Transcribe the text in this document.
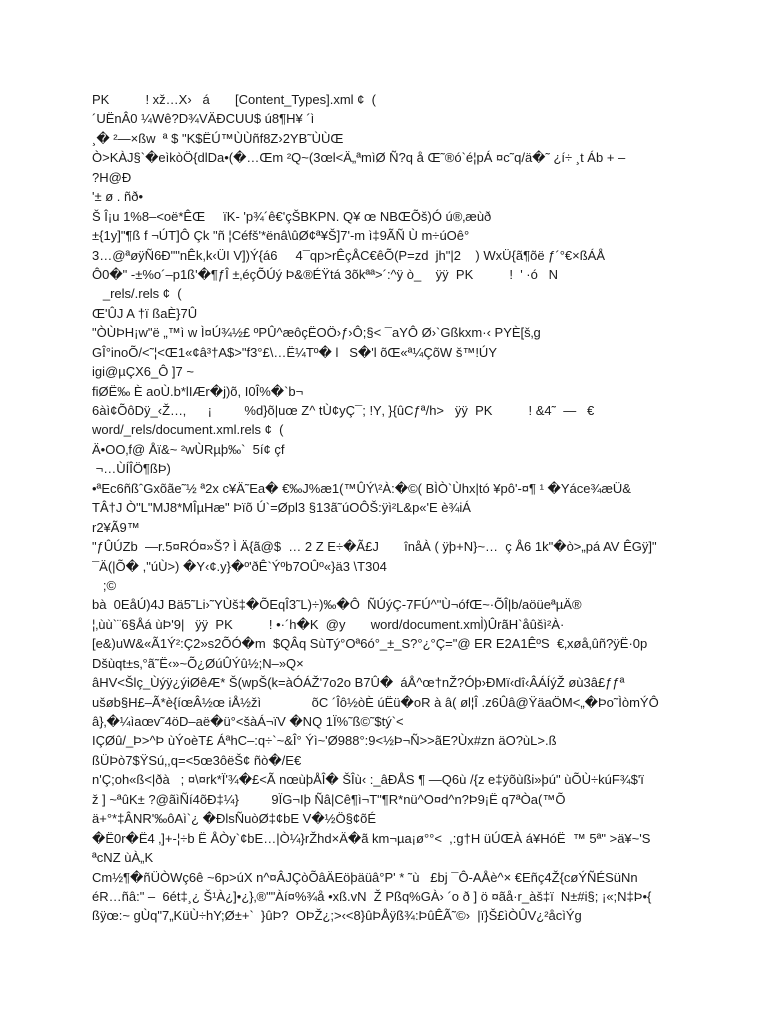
PK          ! xž…X›   á       [Content_Types].xml ¢  (
´UËnÂ0 ¼Wê?D¾VÄÐCUU$ ú8¶H¥ ´ì
¸� ²—×ßw  ª $ "K$ËÚ™ÙÙñf8Z›2YB˜ÙÙŒ
Ò>KÀJ§`�eìkòÖ{dlDa•(�…Œm ²Q~(3œl<Ä„ªmìØ Ñ?q å Œ˜®ó`é¦pÁ ¤c˜q/ä�˜ ¿í÷ ¸t Áb + –
?H@Ð
'± ø . ñð•
Š Î¡u 1%8–<oë*ÊŒ     ïK- 'p¾´ê€'çŠBKPN. Q¥ œ NBŒÕš)Ó ú®‚æùð
±{1y]"¶ß f ¬ÚT]Ô Çk "ñ ¦Céfš'*ënâ\ûØ¢ª¥Š]7'-m ì‡9ÃÑ Ù m÷úOê°
3…@ªøÿÑ6Ð""nÊk,k‹ÜI V])Ý{á6     4¯qp>rÊçÅC€êÕ(P=zd  jh"|2    ) WxÜ{ã¶õë ƒ´°€×ßÁÅ
Ô0�" -±%o´–p1ß'�¶ƒÎ ±‚éçÕÚý Þ&®ÉŸtá 3õkªª>´:^ÿ ò_    ÿÿ  PK          !  ' ·ó   N
_rels/.rels ¢  (
Œ'ÛJ A †ï ßaÈ}7Û
"ÒÙÞH¡w"ë „™ì w Ì¤Ú¾½£ ºPÛ^æôçËOÖ›ƒ›Ô;§< ¯aYÔ Ø›`Gßkxm·‹ PYÈ[š‚g
GÎ°inoÕ/<˜¦<Œ1«¢â³†A$>"f3°£\…Ë¼Tº� l   S�'l õŒ«ª¼ÇõW š™!ÚY
igi@µÇX6_Ô ]7 ~
fiØË‰ È aoÙ.b*lIÆr�j)õ, I0Î%�`b¬
6àì¢ÕôDÿ_‹Ž…‚      ¡         %d}õ|uœ Z^ tÙ¢yÇ¯; !Y‚ }{ûCƒª/h>   ÿÿ  PK          ! &4˜  —   €
word/_rels/document.xml.rels ¢  (
Ä•OO‚f@ Åï&~ ²wÙRµþ‰`  5í¢ çf
¬…ÙÍÎÖ¶ßÞ)
•ªEc6ñßˆGxõãe˜½ ª2x c¥Ä˜Ea� €‰J%æ1(™ÛÝ\²À:�©( BÌÒ`Ùhx|tó ¥pô'-¤¶ ¹ �Yáce¾æÜ&
TÂ†J Ò"L"MJ8*MÎµHæ" Þïõ Ú`=Øpl3 §13ã˜úOÔŠ:ÿì²L&p«'E è¾iÁ
r2¥Ã9™
"ƒÛÚZb  —r.5¤RÓ¤»Š? Ì Ä{ã@$  … 2 Z E÷�Ã£J       înåÀ ( ÿþ+N}~…  ç Å6 1k"�ò>„pá AV ÊGÿ]"
¯Ä(|Õ� ,"úÙ>) �Y‹¢.y}�º'ðÊ`Ýºb7OÛº«}ä3 \T304
;©
bà  0EåÚ)4J Bä5˜Li›˜YÙš‡�ÕEqÎ3˜L)÷)‰�Ô  ÑÚýÇ-7FÚ^"Ù¬ófŒ~·ÕÎ|b/aöüeªµÄ®
¦‚ùù`¨6§Åá ùÞ'9|   ÿÿ  PK          ! •·´h�K  @y       word/document.xml̀)ÛrãH`åûšì²À·
[e&)uW&«Ã1Ý²:Ç2»s2ÕÓ�m  $QÂq SùTý°Oª6ó°_±_S?°¿°Ç="@ ER E2A1ÊºS  €‚xøå‚ûñ?ÿË·0p
Dšùqt±s‚°ã˜Ë‹»~Õ¿ØúÛÝû½;N–»Q×
âHV<Šlç_Ùýÿ¿ýiØêÆ* Š(wpŠ(k=àÓÁŽ'7o2o B7Û�  áÅ^œ†nŽ?Óþ›ÐMï‹dî‹ÂÁÍýŽ øù3â£ƒƒª
ušøb§H£–Ã*è{íœÂ½œ iÅ½žì              õC ´Îô½òÈ úËü�oR à â( øl¦Î .z6Ûâ@ŸäaÖM<„�Þo˜ÌòmÝÔ
â}‚�¼ìaœv˜4öD–aë�ü°<šàÁ¬ïV �NQ 1Ï%˜ß©˜$tý`<
IÇØû/_Þ>^Þ ùÝoèT£ ÁªhC–:q÷`~&Î° Ýì~'Ø988°:9<½Þ¬Ñ>>ãE?Ùx#zn äO?ùL>.ß
ßÜÞò7$ŸSú‚,q=<5œ3ôëŠ¢ ñò�/E€
n'Ç;oh«ß<|ðà   ; ¤\¤rk*Ï'¾�£<Ã nœùþÅÎ� ŠÎù‹ :_âÐÅS ¶ —Q6ù /{z e‡ÿõùßi»þú" ùÕÙ÷kúF¾$'ï
ž ] ~ªûK± ?@ãìÑí4õÐ‡¼}         9ÏG¬Iþ Ñâ|Cê¶ì¬T"¶R*nü^O¤d^n?Þ9¡Ë q7ªÒa(™Õ
ä+°*‡ÂNR'‰ôAì`¿ �ÐlsÑuòØ‡¢bE V�½Ö§¢õÉ
�Ë0r�Ë4 ‚]+-¦÷b Ë ÅÒy`¢bE…|Ò¼}rŽhd×Ä�ã km¬µa¡ø°°<  ,:g†H üÚŒÀ á¥HóË  ™ 5ª" >ä¥~'S
ªcNZ ùÀ„K
Cm½¶�ñÜÒWç6ê ~6p>úX n^¤ÂJÇòÕâÄEöþäüâ°P' * ˜ù   £bj ¯Ô-AÅè^× €Eñç4Ž{cøÝÑÉSüNn
éR…ñâ:" –  6ét‡¸¿ Š¹À¿]•¿}‚®""Àí¤%¾å •xß.vN  Ž Pßq%GÀ› ´o ð ] ö ¤ãå·r_àš‡ï  N±#i§; ¡«;N‡Þ•{
ßÿœ:~ gÙq"7„KüÙ÷hY;Ø±+`  }ûÞ?  OÞŽ¿;>‹<8}ûÞÅÿß¾:ÞûÊÃ˜©›  |ï}Š£ìÒÛV¿²åcìÝg
